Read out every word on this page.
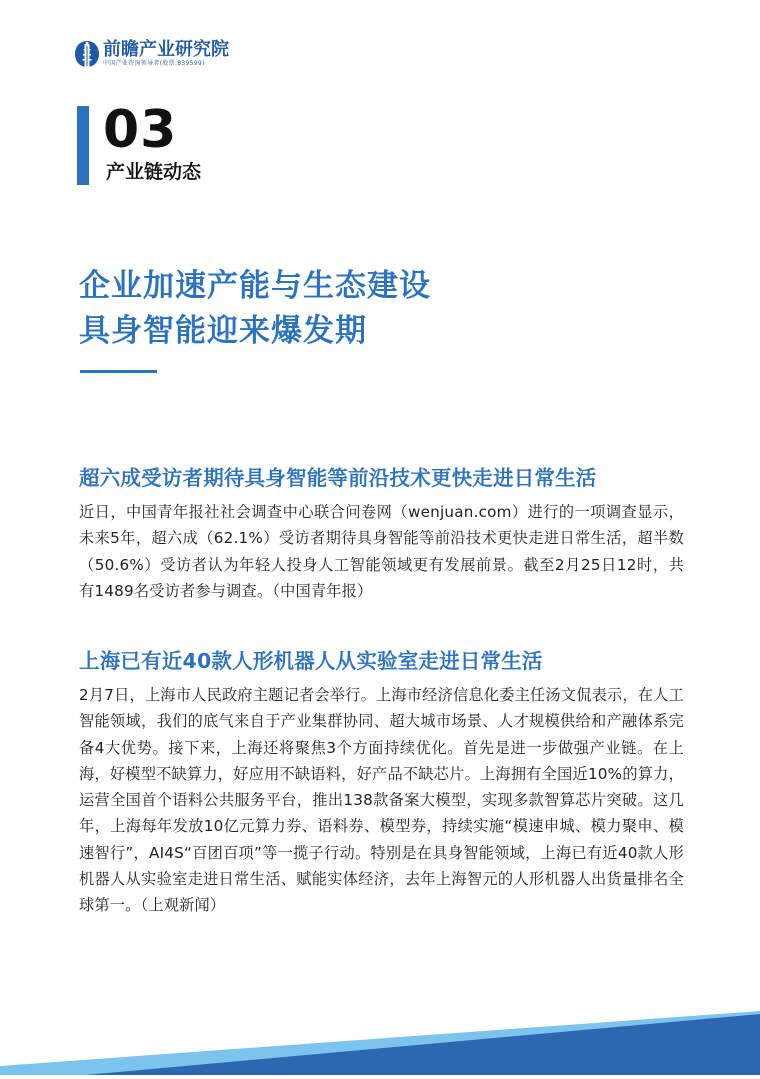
前瞻产业研究院
中国产业咨询领导者(股票:839599)
03
产业链动态
企业加速产能与生态建设
具身智能迎来爆发期
超六成受访者期待具身智能等前沿技术更快走进日常生活

近日，中国青年报社社会调查中心联合问卷网（wenjuan.com）进行的一项调查显示，未来5年，超六成（62.1%）受访者期待具身智能等前沿技术更快走进日常生活，超半数（50.6%）受访者认为年轻人投身人工智能领域更有发展前景。截至2月25日12时，共有1489名受访者参与调查。（中国青年报）

上海已有近40款人形机器人从实验室走进日常生活

2月7日，上海市人民政府主题记者会举行。上海市经济信息化委主任汤文侃表示，在人工智能领域，我们的底气来自于产业集群协同、超大城市场景、人才规模供给和产融体系完备4大优势。接下来，上海还将聚焦3个方面持续优化。首先是进一步做强产业链。在上海，好模型不缺算力，好应用不缺语料，好产品不缺芯片。上海拥有全国近10%的算力，运营全国首个语料公共服务平台，推出138款备案大模型，实现多款智算芯片突破。这几年，上海每年发放10亿元算力券、语料券、模型券，持续实施“模速申城、模力聚申、模速智行”，AI4S“百团百项”等一揽子行动。特别是在具身智能领域，上海已有近40款人形机器人从实验室走进日常生活、赋能实体经济，去年上海智元的人形机器人出货量排名全球第一。（上观新闻）
